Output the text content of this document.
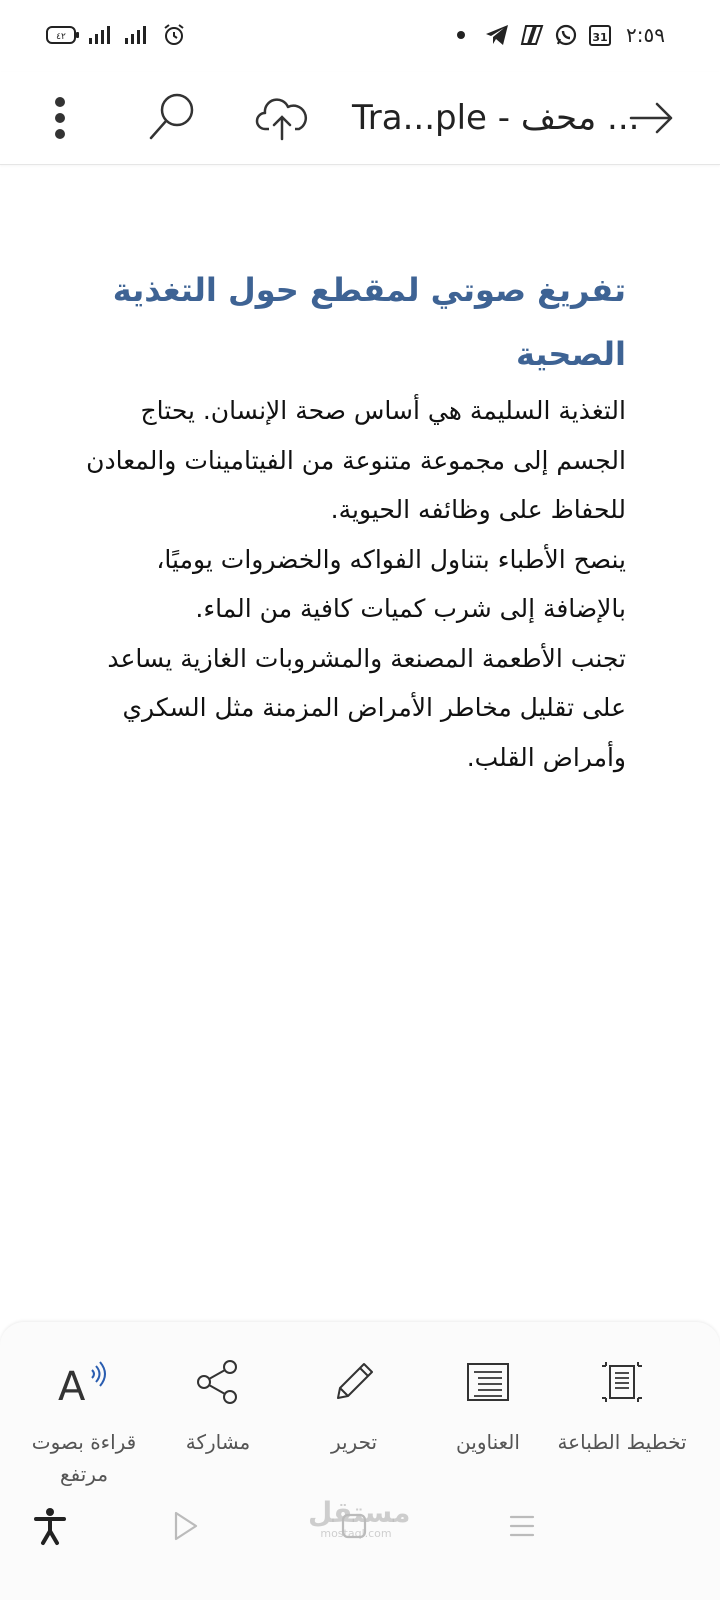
٤٢	31 ٢:٥٩
Tra...ple - محف ...
تفريغ صوتي لمقطع حول التغذية الصحية

التغذية السليمة هي أساس صحة الإنسان. يحتاج الجسم إلى مجموعة متنوعة من الفيتامينات والمعادن للحفاظ على وظائفه الحيوية.

ينصح الأطباء بتناول الفواكه والخضروات يوميًا، بالإضافة إلى شرب كميات كافية من الماء.

تجنب الأطعمة المصنعة والمشروبات الغازية يساعد على تقليل مخاطر الأمراض المزمنة مثل السكري وأمراض القلب.

تخطيط الطباعة
العناوين
تحرير
مشاركة
A
قراءة بصوت مرتفع
